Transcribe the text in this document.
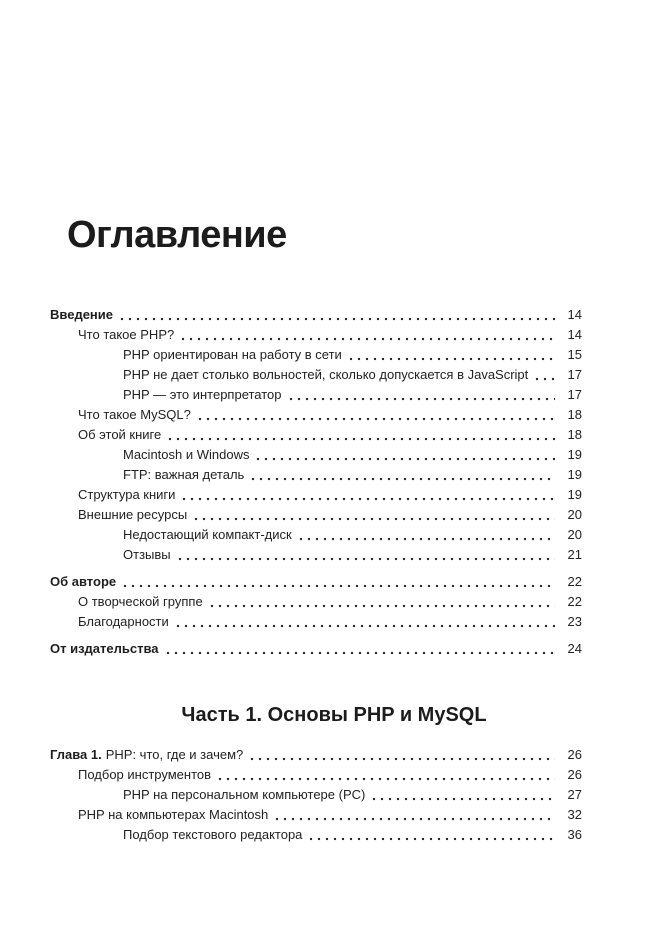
Оглавление
Введение	14
Что такое PHP?	14
PHP ориентирован на работу в сети	15
PHP не дает столько вольностей, сколько допускается в JavaScript	17
PHP — это интерпретатор	17
Что такое MySQL?	18
Об этой книге	18
Macintosh и Windows	19
FTP: важная деталь	19
Структура книги	19
Внешние ресурсы	20
Недостающий компакт-диск	20
Отзывы	21
Об авторе	22
О творческой группе	22
Благодарности	23
От издательства	24
Часть 1. Основы PHP и MySQL
Глава 1. PHP: что, где и зачем?	26
Подбор инструментов	26
PHP на персональном компьютере (PC)	27
PHP на компьютерах Macintosh	32
Подбор текстового редактора	36
